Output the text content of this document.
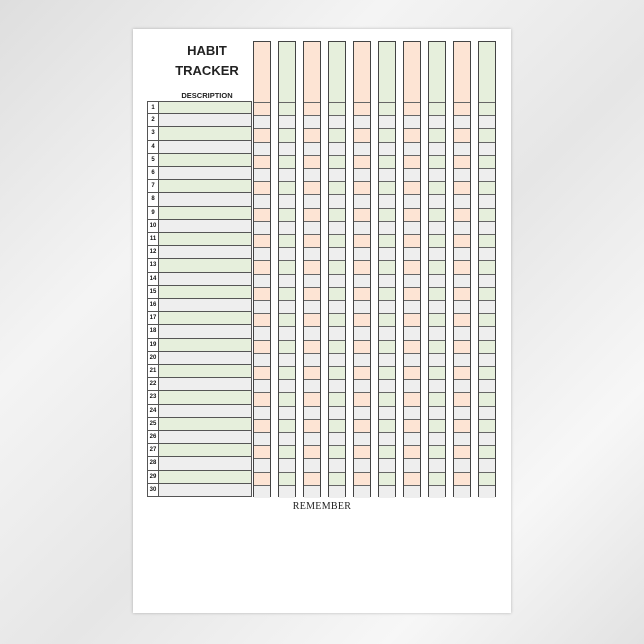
HABIT
TRACKER
DESCRIPTION
1
2
3
4
5
6
7
8
9
10
11
12
13
14
15
16
17
18
19
20
21
22
23
24
25
26
27
28
29
30
REMEMBER
